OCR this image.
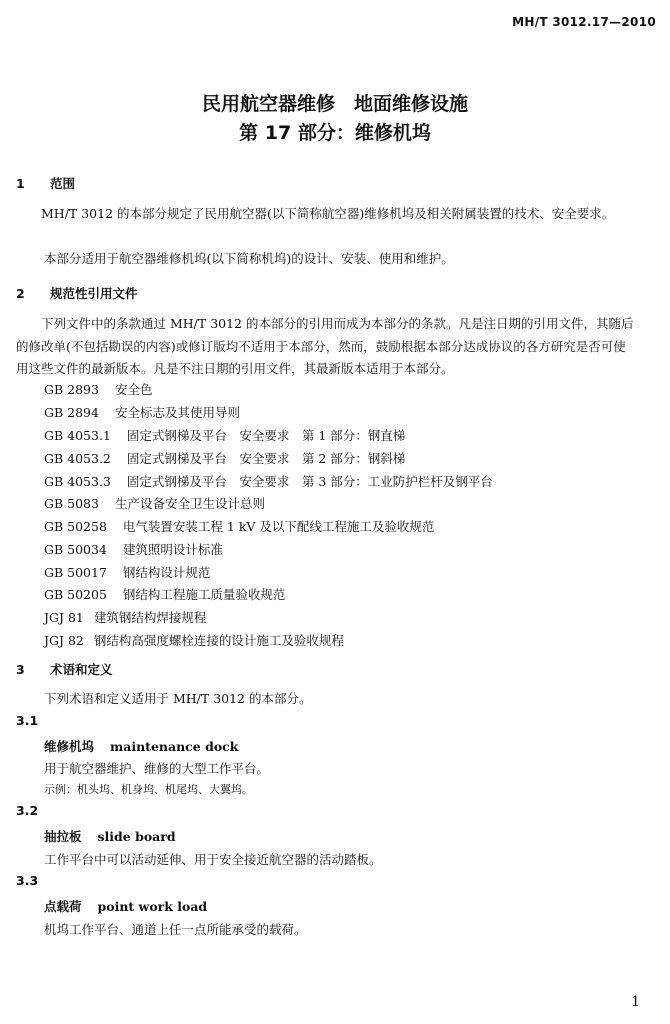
MH/T 3012.17—2010
民用航空器维修　地面维修设施
第 17 部分：维修机坞
1 范围
MH/T 3012 的本部分规定了民用航空器(以下简称航空器)维修机坞及相关附属装置的技术、安全要求。
本部分适用于航空器维修机坞(以下简称机坞)的设计、安装、使用和维护。
2 规范性引用文件
下列文件中的条款通过 MH/T 3012 的本部分的引用而成为本部分的条款。凡是注日期的引用文件，其随后的修改单(不包括勘误的内容)或修订版均不适用于本部分，然而，鼓励根据本部分达成协议的各方研究是否可使用这些文件的最新版本。凡是不注日期的引用文件，其最新版本适用于本部分。
GB 2893 安全色
GB 2894 安全标志及其使用导则
GB 4053.1 固定式钢梯及平台　安全要求　第 1 部分：钢直梯
GB 4053.2 固定式钢梯及平台　安全要求　第 2 部分：钢斜梯
GB 4053.3 固定式钢梯及平台　安全要求　第 3 部分：工业防护栏杆及钢平台
GB 5083 生产设备安全卫生设计总则
GB 50258 电气装置安装工程 1 kV 及以下配线工程施工及验收规范
GB 50034 建筑照明设计标准
GB 50017 钢结构设计规范
GB 50205 钢结构工程施工质量验收规范
JGJ 81 建筑钢结构焊接规程
JGJ 82 钢结构高强度螺栓连接的设计施工及验收规程
3 术语和定义
下列术语和定义适用于 MH/T 3012 的本部分。
3.1
维修机坞 maintenance dock
用于航空器维护、维修的大型工作平台。
示例：机头坞、机身坞、机尾坞、大翼坞。
3.2
抽拉板 slide board
工作平台中可以活动延伸、用于安全接近航空器的活动踏板。
3.3
点载荷 point work load
机坞工作平台、通道上任一点所能承受的载荷。
1
